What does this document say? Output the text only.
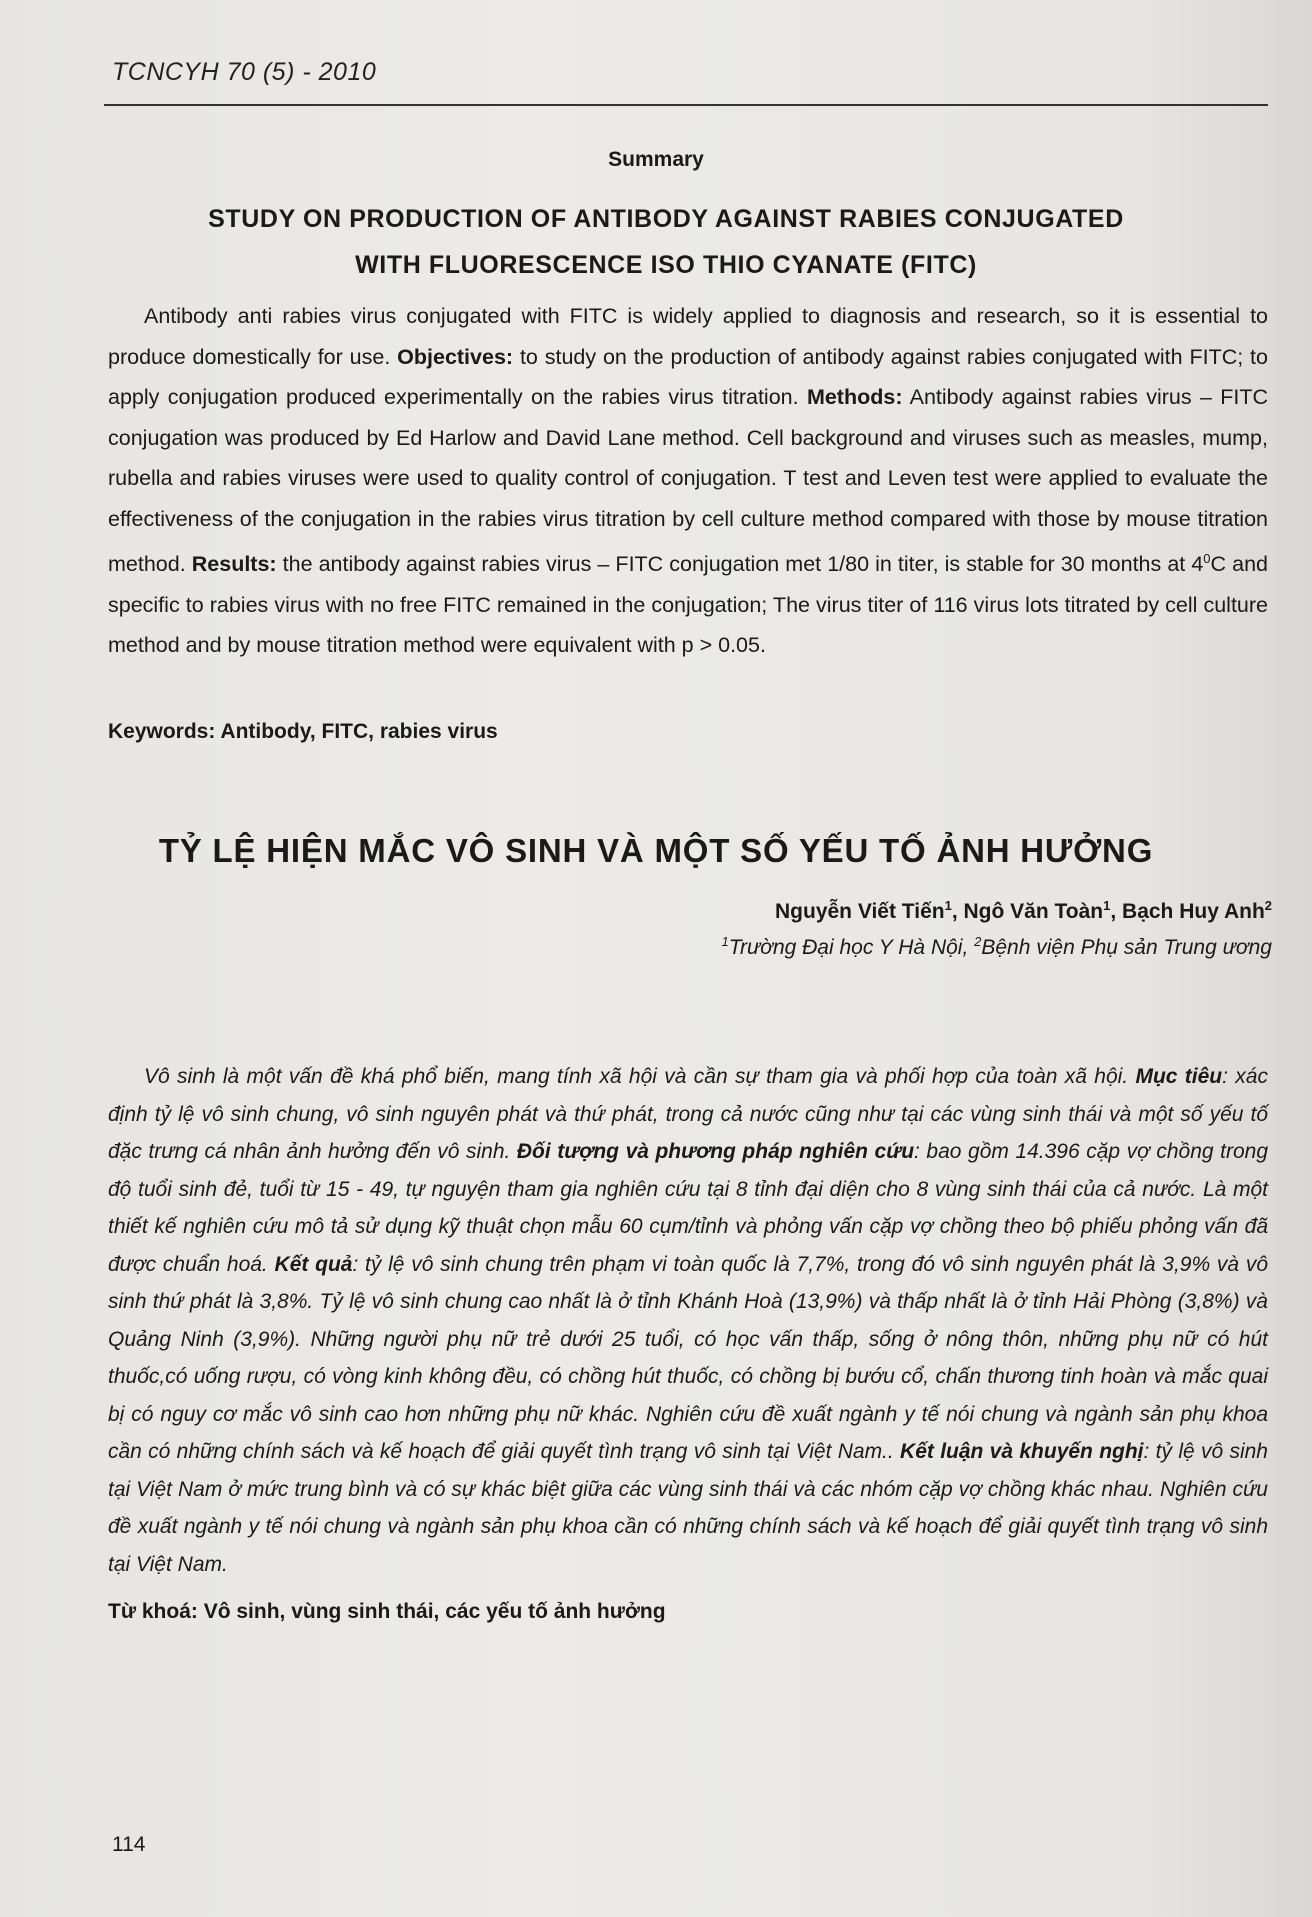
TCNCYH 70 (5) - 2010
Summary
STUDY ON PRODUCTION OF ANTIBODY AGAINST RABIES CONJUGATED
WITH FLUORESCENCE ISO THIO CYANATE (FITC)
Antibody anti rabies virus conjugated with FITC is widely applied to diagnosis and research, so it is essential to produce domestically for use. Objectives: to study on the production of antibody against rabies conjugated with FITC; to apply conjugation produced experimentally on the rabies virus titration. Methods: Antibody against rabies virus – FITC conjugation was produced by Ed Harlow and David Lane method. Cell background and viruses such as measles, mump, rubella and rabies viruses were used to quality control of conjugation. T test and Leven test were applied to evaluate the effectiveness of the conjugation in the rabies virus titration by cell culture method compared with those by mouse titration method. Results: the antibody against rabies virus – FITC conjugation met 1/80 in titer, is stable for 30 months at $4^0C$ and specific to rabies virus with no free FITC remained in the conjugation; The virus titer of 116 virus lots titrated by cell culture method and by mouse titration method were equivalent with p > 0.05.
Keywords: Antibody, FITC, rabies virus
TỶ LỆ HIỆN MẮC VÔ SINH VÀ MỘT SỐ YẾU TỐ ẢNH HƯỞNG
Nguyễn Viết Tiến$^1$, Ngô Văn Toàn$^1$, Bạch Huy Anh$^2$
$^1$Trường Đại học Y Hà Nội, $^2$Bệnh viện Phụ sản Trung ương
Vô sinh là một vấn đề khá phổ biến, mang tính xã hội và cần sự tham gia và phối hợp của toàn xã hội. Mục tiêu: xác định tỷ lệ vô sinh chung, vô sinh nguyên phát và thứ phát, trong cả nước cũng như tại các vùng sinh thái và một số yếu tố đặc trưng cá nhân ảnh hưởng đến vô sinh. Đối tượng và phương pháp nghiên cứu: bao gồm 14.396 cặp vợ chồng trong độ tuổi sinh đẻ, tuổi từ 15 - 49, tự nguyện tham gia nghiên cứu tại 8 tỉnh đại diện cho 8 vùng sinh thái của cả nước. Là một thiết kế nghiên cứu mô tả sử dụng kỹ thuật chọn mẫu 60 cụm/tỉnh và phỏng vấn cặp vợ chồng theo bộ phiếu phỏng vấn đã được chuẩn hoá. Kết quả: tỷ lệ vô sinh chung trên phạm vi toàn quốc là 7,7%, trong đó vô sinh nguyên phát là 3,9% và vô sinh thứ phát là 3,8%. Tỷ lệ vô sinh chung cao nhất là ở tỉnh Khánh Hoà (13,9%) và thấp nhất là ở tỉnh Hải Phòng (3,8%) và Quảng Ninh (3,9%). Những người phụ nữ trẻ dưới 25 tuổi, có học vấn thấp, sống ở nông thôn, những phụ nữ có hút thuốc,có uống rượu, có vòng kinh không đều, có chồng hút thuốc, có chồng bị bướu cổ, chấn thương tinh hoàn và mắc quai bị có nguy cơ mắc vô sinh cao hơn những phụ nữ khác. Nghiên cứu đề xuất ngành y tế nói chung và ngành sản phụ khoa cần có những chính sách và kế hoạch để giải quyết tình trạng vô sinh tại Việt Nam.. Kết luận và khuyến nghị: tỷ lệ vô sinh tại Việt Nam ở mức trung bình và có sự khác biệt giữa các vùng sinh thái và các nhóm cặp vợ chồng khác nhau. Nghiên cứu đề xuất ngành y tế nói chung và ngành sản phụ khoa cần có những chính sách và kế hoạch để giải quyết tình trạng vô sinh tại Việt Nam.
Từ khoá: Vô sinh, vùng sinh thái, các yếu tố ảnh hưởng
114
